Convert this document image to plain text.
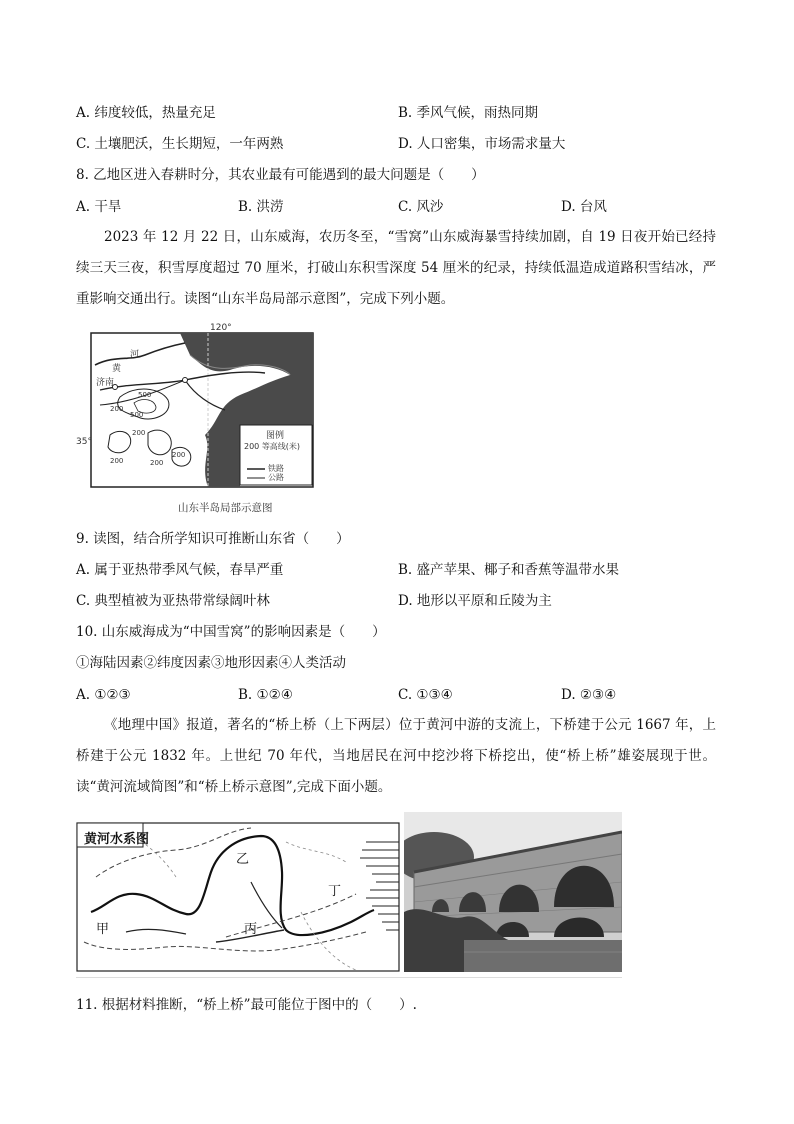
A. 纬度较低，热量充足	B. 季风气候，雨热同期
C. 土壤肥沃，生长期短，一年两熟	D. 人口密集，市场需求量大
8. 乙地区进入春耕时分，其农业最有可能遇到的最大问题是（　　）
A. 干旱	B. 洪涝	C. 风沙	D. 台风
2023 年 12 月 22 日，山东威海，农历冬至，“雪窝”山东威海暴雪持续加剧，自 19 日夜开始已经持续三天三夜，积雪厚度超过 70 厘米，打破山东积雪深度 54 厘米的纪录，持续低温造成道路积雪结冰，严重影响交通出行。读图“山东半岛局部示意图”，完成下列小题。
120°
35°
黄
河
济南
200
500
500
200
200	200
200
图例
200 等高线(米)
铁路
公路
山东半岛局部示意图
9. 读图，结合所学知识可推断山东省（　　）
A. 属于亚热带季风气候，春旱严重	B. 盛产苹果、椰子和香蕉等温带水果
C. 典型植被为亚热带常绿阔叶林	D. 地形以平原和丘陵为主
10. 山东威海成为“中国雪窝”的影响因素是（　　）
①海陆因素②纬度因素③地形因素④人类活动
A. ①②③	B. ①②④	C. ①③④	D. ②③④
《地理中国》报道，著名的“桥上桥（上下两层）位于黄河中游的支流上，下桥建于公元 1667 年，上桥建于公元 1832 年。上世纪 70 年代，当地居民在河中挖沙将下桥挖出，使“桥上桥”雄姿展现于世。读“黄河流域简图”和“桥上桥示意图”,完成下面小题。
黄河水系图
甲
乙
丙
丁
11. 根据材料推断，“桥上桥”最可能位于图中的（　　）.
